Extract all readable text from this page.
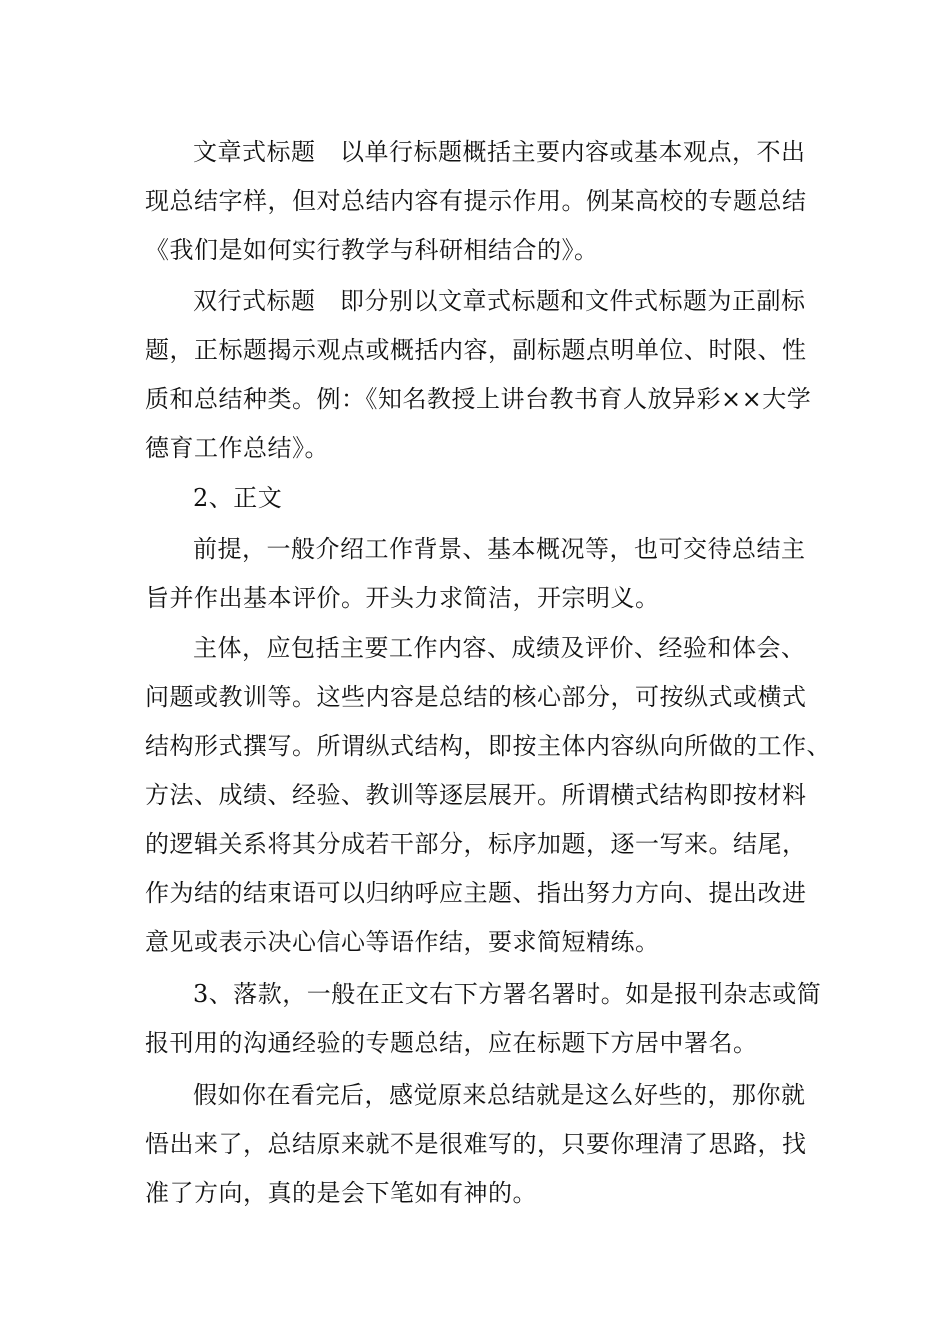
文章式标题　以单行标题概括主要内容或基本观点，不出
现总结字样，但对总结内容有提示作用。例某高校的专题总结
《我们是如何实行教学与科研相结合的》。
双行式标题　即分别以文章式标题和文件式标题为正副标
题，正标题揭示观点或概括内容，副标题点明单位、时限、性
质和总结种类。例：《知名教授上讲台教书育人放异彩××大学
德育工作总结》。
2、正文
前提，一般介绍工作背景、基本概况等，也可交待总结主
旨并作出基本评价。开头力求简洁，开宗明义。
主体，应包括主要工作内容、成绩及评价、经验和体会、
问题或教训等。这些内容是总结的核心部分，可按纵式或横式
结构形式撰写。所谓纵式结构，即按主体内容纵向所做的工作、
方法、成绩、经验、教训等逐层展开。所谓横式结构即按材料
的逻辑关系将其分成若干部分，标序加题，逐一写来。结尾，
作为结的结束语可以归纳呼应主题、指出努力方向、提出改进
意见或表示决心信心等语作结，要求简短精练。
3、落款，一般在正文右下方署名署时。如是报刊杂志或简
报刊用的沟通经验的专题总结，应在标题下方居中署名。
假如你在看完后，感觉原来总结就是这么好些的，那你就
悟出来了，总结原来就不是很难写的，只要你理清了思路，找
准了方向，真的是会下笔如有神的。
